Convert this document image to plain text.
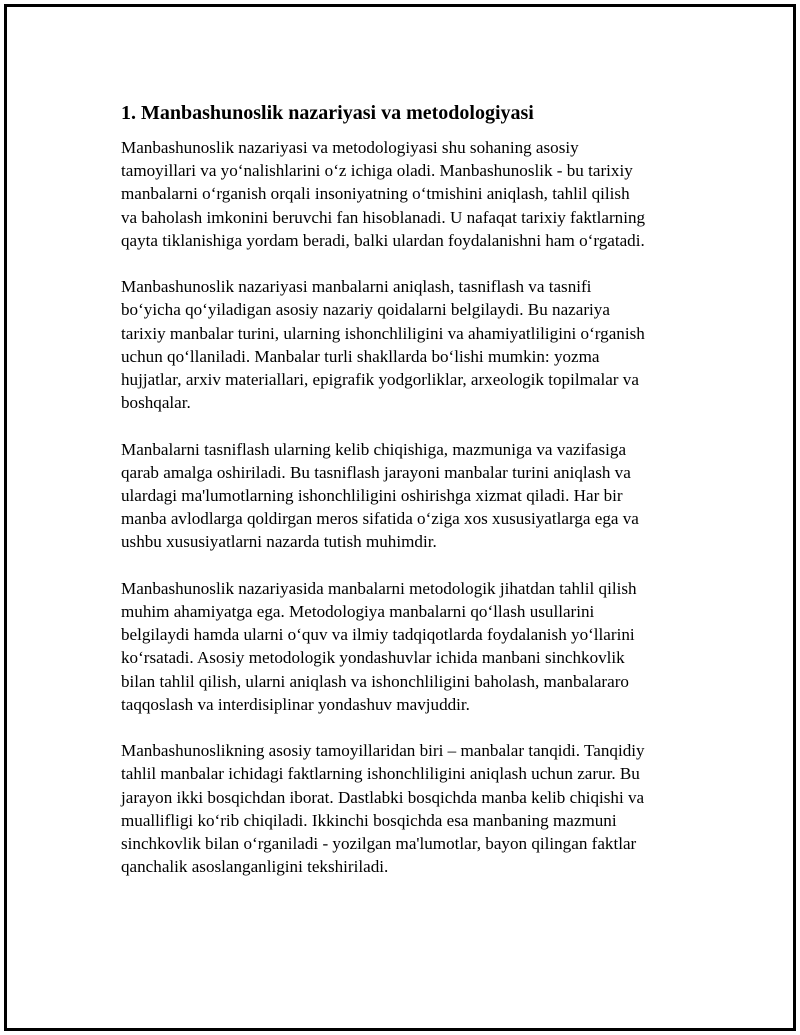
1. Manbashunoslik nazariyasi va metodologiyasi
Manbashunoslik nazariyasi va metodologiyasi shu sohaning asosiy
tamoyillari va yo‘nalishlarini o‘z ichiga oladi. Manbashunoslik - bu tarixiy
manbalarni o‘rganish orqali insoniyatning o‘tmishini aniqlash, tahlil qilish
va baholash imkonini beruvchi fan hisoblanadi. U nafaqat tarixiy faktlarning
qayta tiklanishiga yordam beradi, balki ulardan foydalanishni ham o‘rgatadi.
Manbashunoslik nazariyasi manbalarni aniqlash, tasniflash va tasnifi
bo‘yicha qo‘yiladigan asosiy nazariy qoidalarni belgilaydi. Bu nazariya
tarixiy manbalar turini, ularning ishonchliligini va ahamiyatliligini o‘rganish
uchun qo‘llaniladi. Manbalar turli shakllarda bo‘lishi mumkin: yozma
hujjatlar, arxiv materiallari, epigrafik yodgorliklar, arxeologik topilmalar va
boshqalar.
Manbalarni tasniflash ularning kelib chiqishiga, mazmuniga va vazifasiga
qarab amalga oshiriladi. Bu tasniflash jarayoni manbalar turini aniqlash va
ulardagi ma'lumotlarning ishonchliligini oshirishga xizmat qiladi. Har bir
manba avlodlarga qoldirgan meros sifatida o‘ziga xos xususiyatlarga ega va
ushbu xususiyatlarni nazarda tutish muhimdir.
Manbashunoslik nazariyasida manbalarni metodologik jihatdan tahlil qilish
muhim ahamiyatga ega. Metodologiya manbalarni qo‘llash usullarini
belgilaydi hamda ularni o‘quv va ilmiy tadqiqotlarda foydalanish yo‘llarini
ko‘rsatadi. Asosiy metodologik yondashuvlar ichida manbani sinchkovlik
bilan tahlil qilish, ularni aniqlash va ishonchliligini baholash, manbalararo
taqqoslash va interdisiplinar yondashuv mavjuddir.
Manbashunoslikning asosiy tamoyillaridan biri – manbalar tanqidi. Tanqidiy
tahlil manbalar ichidagi faktlarning ishonchliligini aniqlash uchun zarur. Bu
jarayon ikki bosqichdan iborat. Dastlabki bosqichda manba kelib chiqishi va
muallifligi ko‘rib chiqiladi. Ikkinchi bosqichda esa manbaning mazmuni
sinchkovlik bilan o‘rganiladi - yozilgan ma'lumotlar, bayon qilingan faktlar
qanchalik asoslanganligini tekshiriladi.
